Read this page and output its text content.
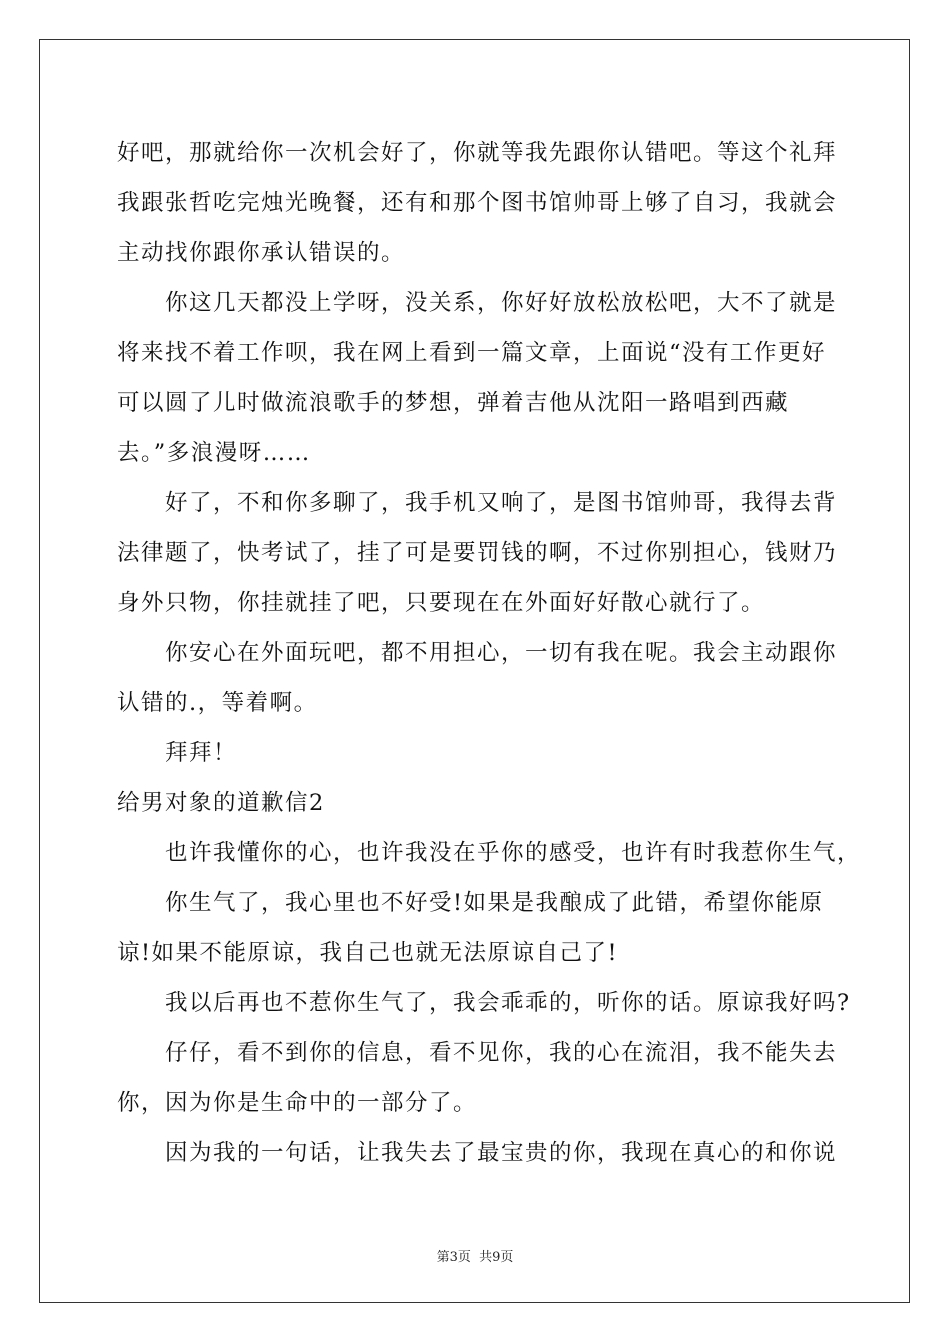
好吧，那就给你一次机会好了，你就等我先跟你认错吧。等这个礼拜
我跟张哲吃完烛光晚餐，还有和那个图书馆帅哥上够了自习，我就会
主动找你跟你承认错误的。

你这几天都没上学呀，没关系，你好好放松放松吧，大不了就是
将来找不着工作呗，我在网上看到一篇文章，上面说“没有工作更好
可以圆了儿时做流浪歌手的梦想，弹着吉他从沈阳一路唱到西藏
去。”多浪漫呀……

好了，不和你多聊了，我手机又响了，是图书馆帅哥，我得去背
法律题了，快考试了，挂了可是要罚钱的啊，不过你别担心，钱财乃
身外只物，你挂就挂了吧，只要现在在外面好好散心就行了。

你安心在外面玩吧，都不用担心，一切有我在呢。我会主动跟你
认错的.，等着啊。

拜拜！

给男对象的道歉信2

也许我懂你的心，也许我没在乎你的感受，也许有时我惹你生气，

你生气了，我心里也不好受!如果是我酿成了此错，希望你能原
谅!如果不能原谅，我自己也就无法原谅自己了!

我以后再也不惹你生气了，我会乖乖的，听你的话。原谅我好吗?

仔仔，看不到你的信息，看不见你，我的心在流泪，我不能失去
你，因为你是生命中的一部分了。

因为我的一句话，让我失去了最宝贵的你，我现在真心的和你说

第3页 共9页
